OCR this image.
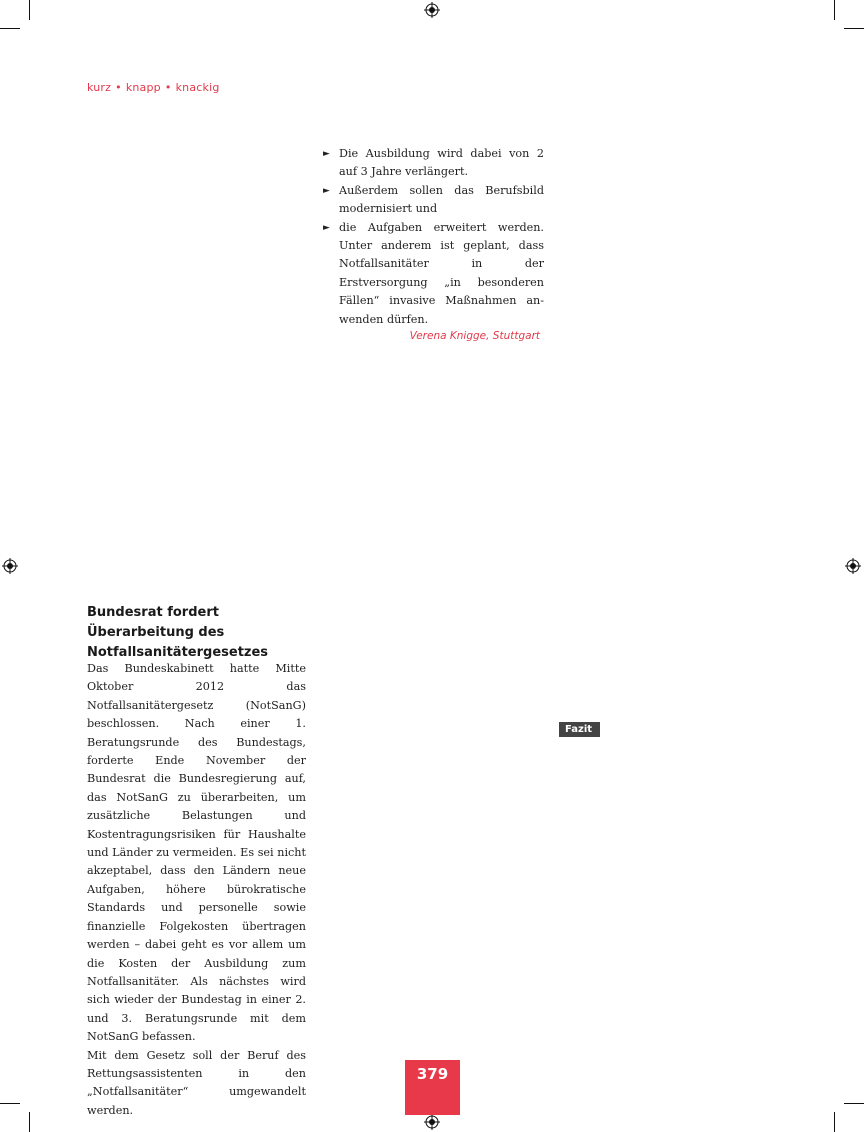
kurz • knapp • knackig
► Die Ausbildung wird dabei von 2 auf 3 Jahre verlängert.
► Außerdem sollen das Berufsbild modernisiert und
► die Aufgaben erweitert werden. Unter anderem ist geplant, dass Notfallsanitäter in der Erstversorgung „in besonderen Fällen“ invasive Maßnahmen anwenden dürfen.
Verena Knigge, Stuttgart
Bundesrat fordert Überarbeitung des Notfallsanitätergesetzes

Das Bundeskabinett hatte Mitte Oktober 2012 das Notfallsanitätergesetz (NotSanG) beschlossen. Nach einer 1. Beratungsrunde des Bundestags, forderte Ende November der Bundesrat die Bundesregierung auf, das NotSanG zu überarbeiten, um zusätzliche Belastungen und Kostentragungsrisiken für Haushalte und Länder zu vermeiden. Es sei nicht akzeptabel, dass den Ländern neue Aufgaben, höhere bürokratische Standards und personelle sowie finanzielle Folgekosten übertragen werden – dabei geht es vor allem um die Kosten der Ausbildung zum Notfallsanitäter. Als nächstes wird sich wieder der Bundestag in einer 2. und 3. Beratungsrunde mit dem NotSanG befassen.

Mit dem Gesetz soll der Beruf des Rettungsassistenten in den „Notfallsanitäter“ umgewandelt werden.

Fazit
379
